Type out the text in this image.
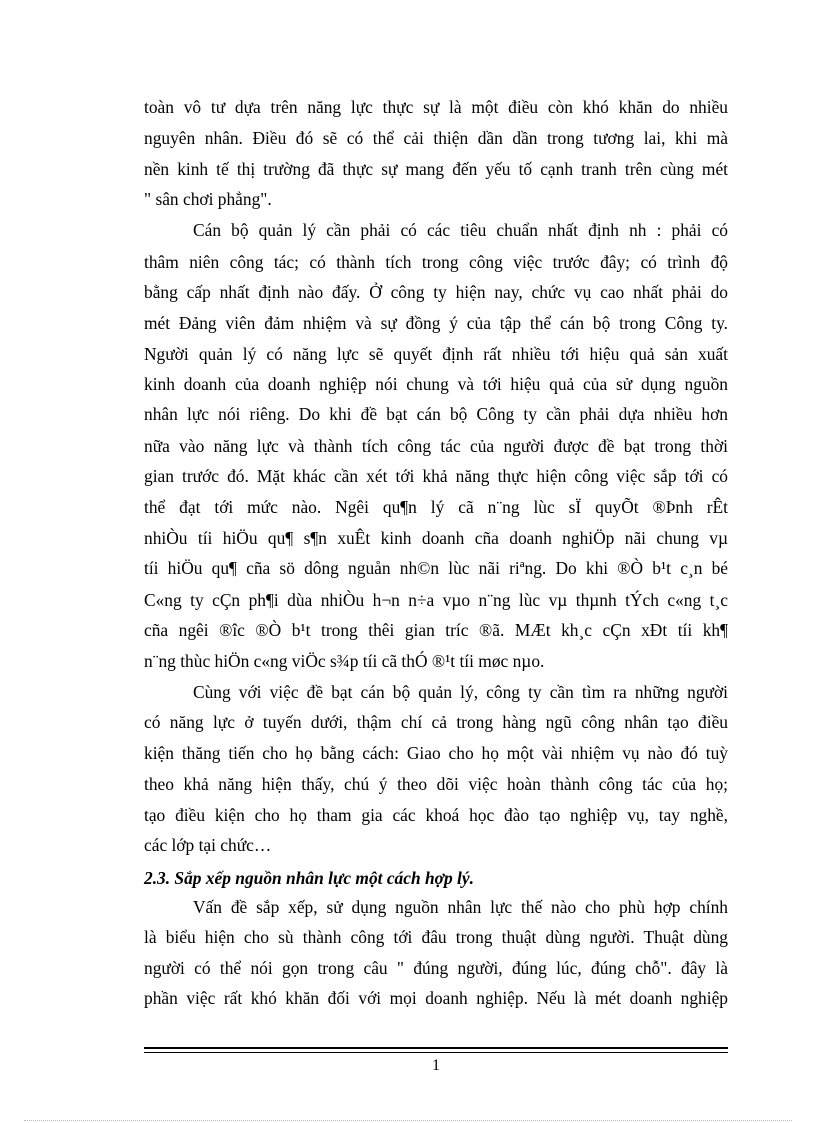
toàn vô tư dựa trên năng lực thực sự là một điều còn khó khăn do nhiều
nguyên nhân. Điều đó sẽ có thể cải thiện dần dần trong tương lai, khi mà
nền kinh tế thị trường đã thực sự mang đến yếu tố cạnh tranh trên cùng mét
" sân chơi phẳng".
Cán bộ quản lý cần phải có các tiêu chuẩn nhất định nh : phải có
thâm niên công tác; có thành tích trong công việc trước đây; có trình độ
bằng cấp nhất định nào đấy. Ở công ty hiện nay, chức vụ cao nhất phải do
mét Đảng viên đảm nhiệm và sự đồng ý của tập thể cán bộ trong Công ty.
Người quản lý có năng lực sẽ quyết định rất nhiều tới hiệu quả sản xuất
kinh doanh của doanh nghiệp nói chung và tới hiệu quả của sử dụng nguồn
nhân lực nói riêng. Do khi đề bạt cán bộ Công ty cần phải dựa nhiều hơn
nữa vào năng lực và thành tích công tác của người được đề bạt trong thời
gian trước đó. Mặt khác cần xét tới khả năng thực hiện công việc sắp tới có
thể đạt tới mức nào. Ngêi qu¶n lý cã n¨ng lùc sÏ quyÕt ®Þnh rÊt
nhiÒu tíi hiÖu qu¶ s¶n xuÊt kinh doanh cña doanh nghiÖp nãi chung vµ
tíi hiÖu qu¶ cña sö dông nguån nh©n lùc nãi riªng. Do khi ®Ò b¹t c¸n bé
C«ng ty cÇn ph¶i dùa nhiÒu h¬n n÷a vµo n¨ng lùc vµ thµnh tÝch c«ng t¸c
cña ngêi ®îc ®Ò b¹t trong thêi gian tríc ®ã. MÆt kh¸c cÇn xÐt tíi kh¶
n¨ng thùc hiÖn c«ng viÖc s¾p tíi cã thÓ ®¹t tíi møc nµo.
Cùng với việc đề bạt cán bộ quản lý, công ty cần tìm ra những người
có năng lực ở tuyến dưới, thậm chí cả trong hàng ngũ công nhân tạo điều
kiện thăng tiến cho họ bằng cách: Giao cho họ một vài nhiệm vụ nào đó tuỳ
theo khả năng hiện thấy, chú ý theo dõi việc hoàn thành công tác của họ;
tạo điều kiện cho họ tham gia các khoá học đào tạo nghiệp vụ, tay nghề,
các lớp tại chức…
2.3. Sắp xếp nguồn nhân lực một cách hợp lý.
Vấn đề sắp xếp, sử dụng nguồn nhân lực thế nào cho phù hợp chính
là biểu hiện cho sù thành công tới đâu trong thuật dùng người. Thuật dùng
người có thể nói gọn trong câu " đúng người, đúng lúc, đúng chỗ". đây là
phần việc rất khó khăn đối với mọi doanh nghiệp. Nếu là mét doanh nghiệp
1
